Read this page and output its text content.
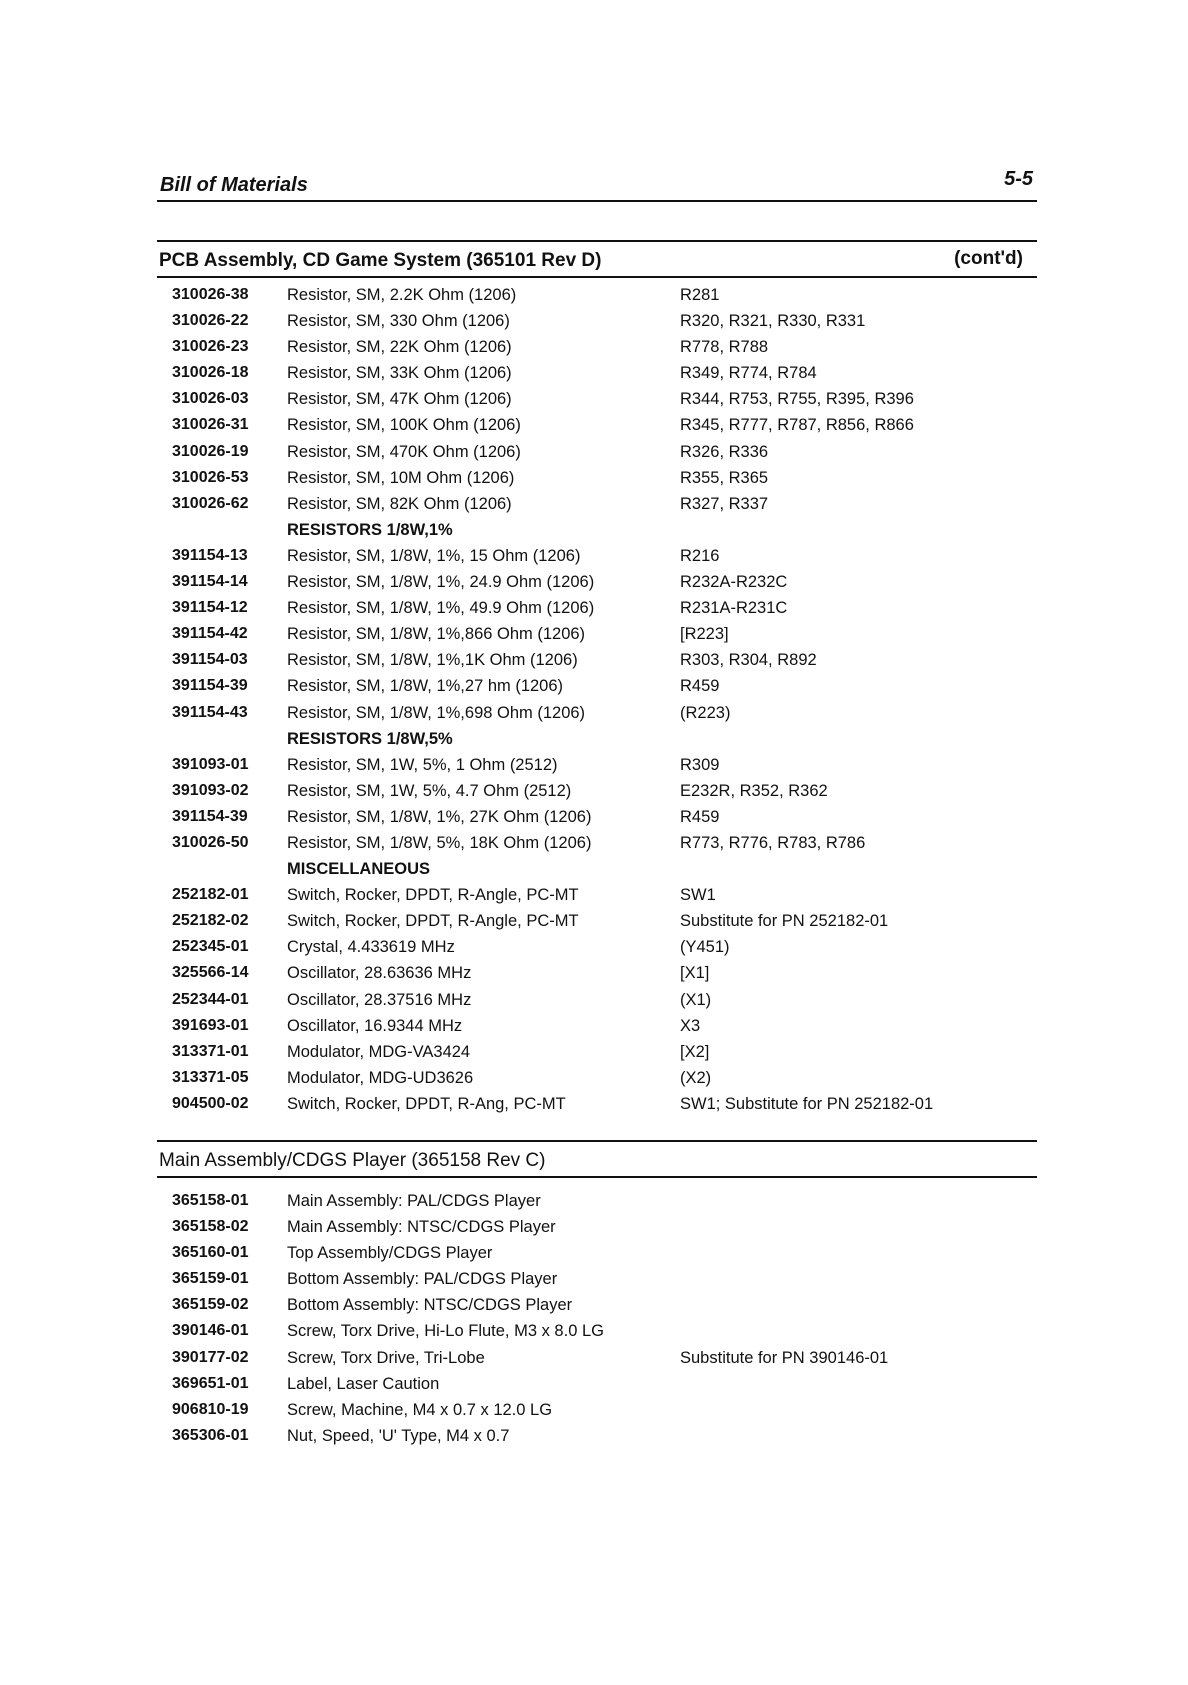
Bill of Materials	5-5
PCB Assembly, CD Game System (365101 Rev D)	(cont'd)
310026-38 Resistor, SM, 2.2K Ohm (1206)	R281
310026-22 Resistor, SM, 330 Ohm (1206)	R320, R321, R330, R331
310026-23 Resistor, SM, 22K Ohm (1206)	R778, R788
310026-18 Resistor, SM, 33K Ohm (1206)	R349, R774, R784
310026-03 Resistor, SM, 47K Ohm (1206)	R344, R753, R755, R395, R396
310026-31 Resistor, SM, 100K Ohm (1206)	R345, R777, R787, R856, R866
310026-19 Resistor, SM, 470K Ohm (1206)	R326, R336
310026-53 Resistor, SM, 10M Ohm (1206)	R355, R365
310026-62 Resistor, SM, 82K Ohm (1206)	R327, R337
RESISTORS 1/8W,1%
391154-13 Resistor, SM, 1/8W, 1%, 15 Ohm (1206)	R216
391154-14 Resistor, SM, 1/8W, 1%, 24.9 Ohm (1206)	R232A-R232C
391154-12 Resistor, SM, 1/8W, 1%, 49.9 Ohm (1206)	R231A-R231C
391154-42 Resistor, SM, 1/8W, 1%,866 Ohm (1206)	[R223]
391154-03 Resistor, SM, 1/8W, 1%,1K Ohm (1206)	R303, R304, R892
391154-39 Resistor, SM, 1/8W, 1%,27 hm (1206)	R459
391154-43 Resistor, SM, 1/8W, 1%,698 Ohm (1206)	(R223)
RESISTORS 1/8W,5%
391093-01 Resistor, SM, 1W, 5%, 1 Ohm (2512)	R309
391093-02 Resistor, SM, 1W, 5%, 4.7 Ohm (2512)	E232R, R352, R362
391154-39 Resistor, SM, 1/8W, 1%, 27K Ohm (1206)	R459
310026-50 Resistor, SM, 1/8W, 5%, 18K Ohm (1206)	R773, R776, R783, R786
MISCELLANEOUS
252182-01 Switch, Rocker, DPDT, R-Angle, PC-MT	SW1
252182-02 Switch, Rocker, DPDT, R-Angle, PC-MT	Substitute for PN 252182-01
252345-01 Crystal, 4.433619 MHz	(Y451)
325566-14 Oscillator, 28.63636 MHz	[X1]
252344-01 Oscillator, 28.37516 MHz	(X1)
391693-01 Oscillator, 16.9344 MHz	X3
313371-01 Modulator, MDG-VA3424	[X2]
313371-05 Modulator, MDG-UD3626	(X2)
904500-02 Switch, Rocker, DPDT, R-Ang, PC-MT	SW1; Substitute for PN 252182-01
Main Assembly/CDGS Player (365158 Rev C)
365158-01 Main Assembly: PAL/CDGS Player
365158-02 Main Assembly: NTSC/CDGS Player
365160-01 Top Assembly/CDGS Player
365159-01 Bottom Assembly: PAL/CDGS Player
365159-02 Bottom Assembly: NTSC/CDGS Player
390146-01 Screw, Torx Drive, Hi-Lo Flute, M3 x 8.0 LG
390177-02 Screw, Torx Drive, Tri-Lobe	Substitute for PN 390146-01
369651-01 Label, Laser Caution
906810-19 Screw, Machine, M4 x 0.7 x 12.0 LG
365306-01 Nut, Speed, 'U' Type, M4 x 0.7
